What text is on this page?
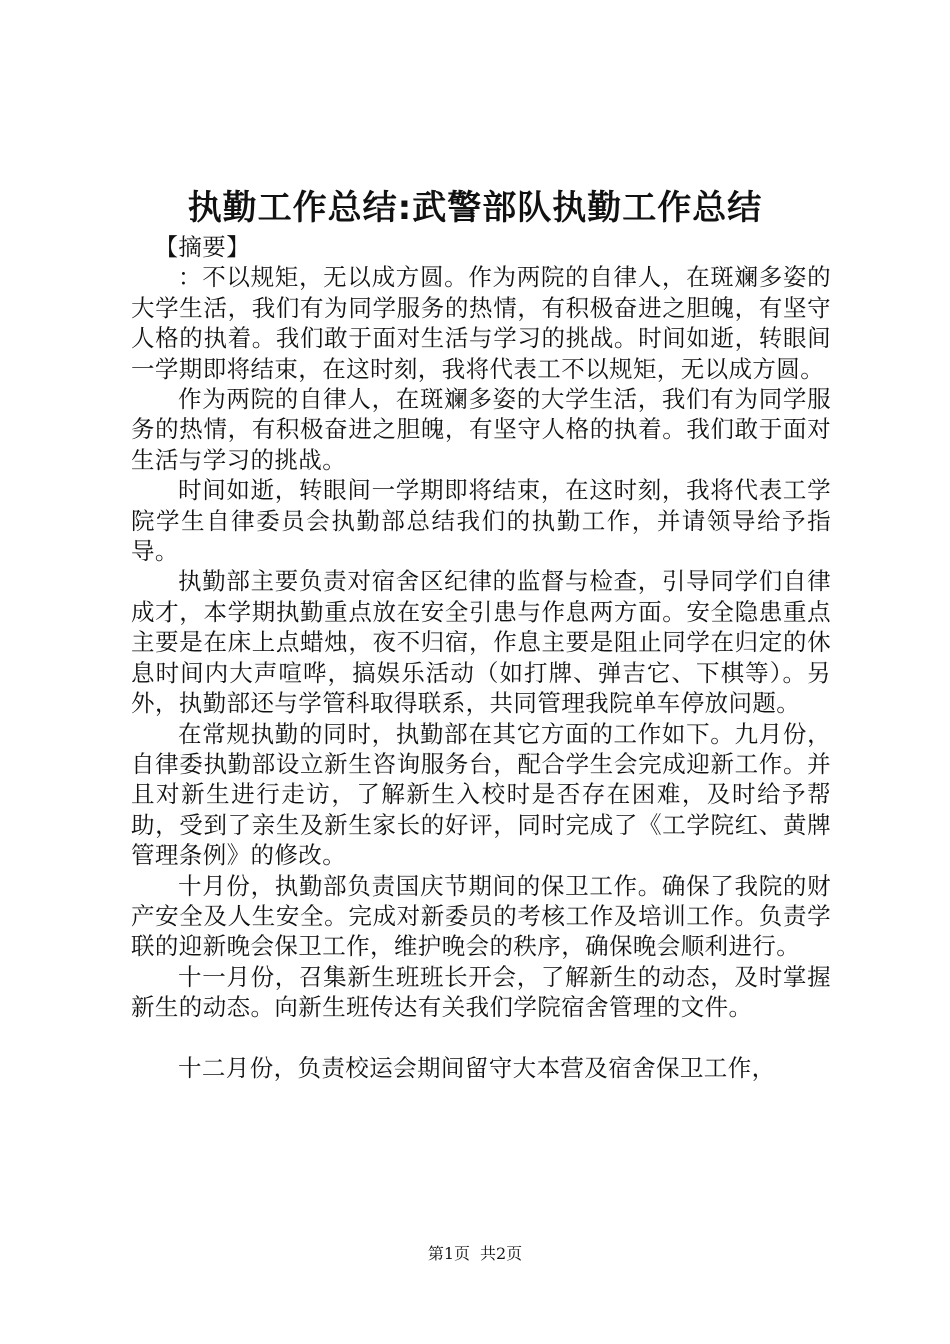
执勤工作总结:武警部队执勤工作总结

【摘要】

：不以规矩，无以成方圆。作为两院的自律人，在斑斓多姿的大学生活，我们有为同学服务的热情，有积极奋进之胆魄，有坚守人格的执着。我们敢于面对生活与学习的挑战。时间如逝，转眼间一学期即将结束，在这时刻，我将代表工不以规矩，无以成方圆。

作为两院的自律人，在斑斓多姿的大学生活，我们有为同学服务的热情，有积极奋进之胆魄，有坚守人格的执着。我们敢于面对生活与学习的挑战。

时间如逝，转眼间一学期即将结束，在这时刻，我将代表工学院学生自律委员会执勤部总结我们的执勤工作，并请领导给予指导。

执勤部主要负责对宿舍区纪律的监督与检查，引导同学们自律成才，本学期执勤重点放在安全引患与作息两方面。安全隐患重点主要是在床上点蜡烛，夜不归宿，作息主要是阻止同学在归定的休息时间内大声喧哗，搞娱乐活动（如打牌、弹吉它、下棋等）。另外，执勤部还与学管科取得联系，共同管理我院单车停放问题。

在常规执勤的同时，执勤部在其它方面的工作如下。九月份，自律委执勤部设立新生咨询服务台，配合学生会完成迎新工作。并且对新生进行走访，了解新生入校时是否存在困难，及时给予帮助，受到了亲生及新生家长的好评，同时完成了《工学院红、黄牌管理条例》的修改。

十月份，执勤部负责国庆节期间的保卫工作。确保了我院的财产安全及人生安全。完成对新委员的考核工作及培训工作。负责学联的迎新晚会保卫工作，维护晚会的秩序，确保晚会顺利进行。

十一月份，召集新生班班长开会，了解新生的动态，及时掌握新生的动态。向新生班传达有关我们学院宿舍管理的文件。

十二月份，负责校运会期间留守大本营及宿舍保卫工作，

第1页 共2页
